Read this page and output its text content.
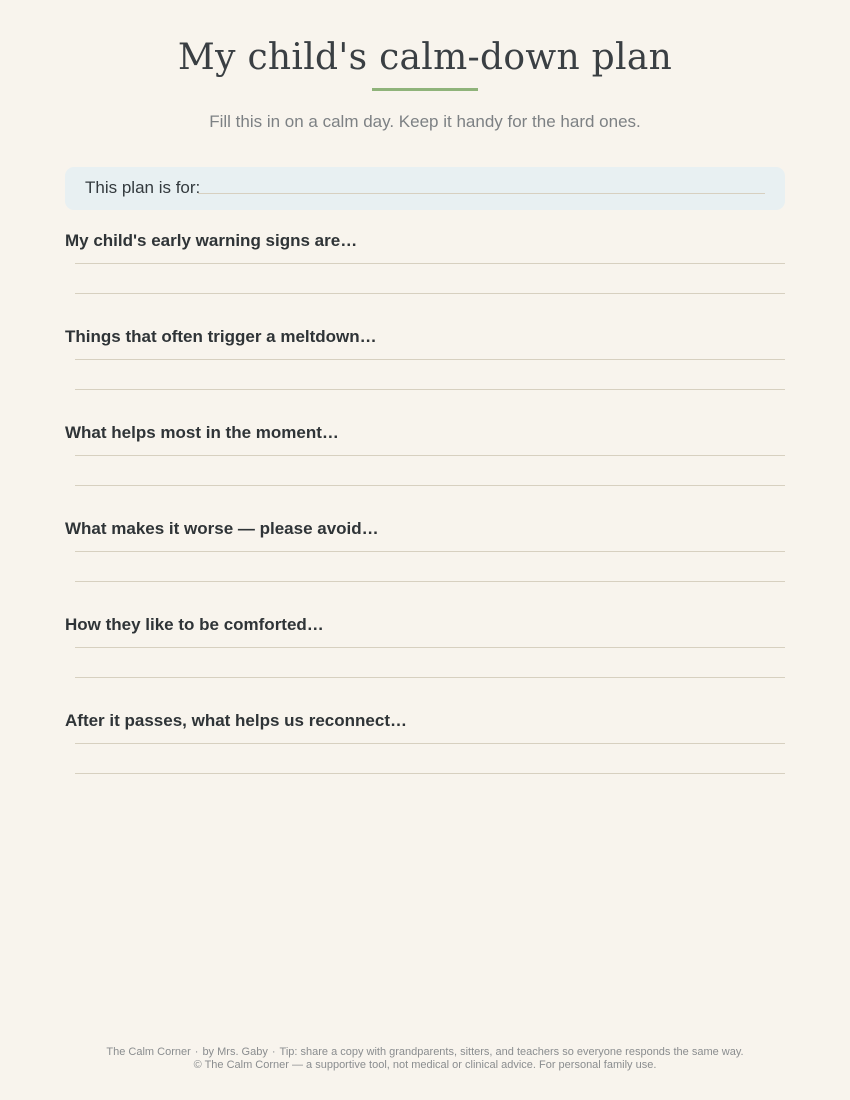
My child's calm-down plan

Fill this in on a calm day. Keep it handy for the hard ones.

This plan is for:
My child's early warning signs are…
Things that often trigger a meltdown…
What helps most in the moment…
What makes it worse — please avoid…
How they like to be comforted…
After it passes, what helps us reconnect…
The Calm Corner · by Mrs. Gaby · Tip: share a copy with grandparents, sitters, and teachers so everyone responds the same way.
© The Calm Corner — a supportive tool, not medical or clinical advice. For personal family use.
